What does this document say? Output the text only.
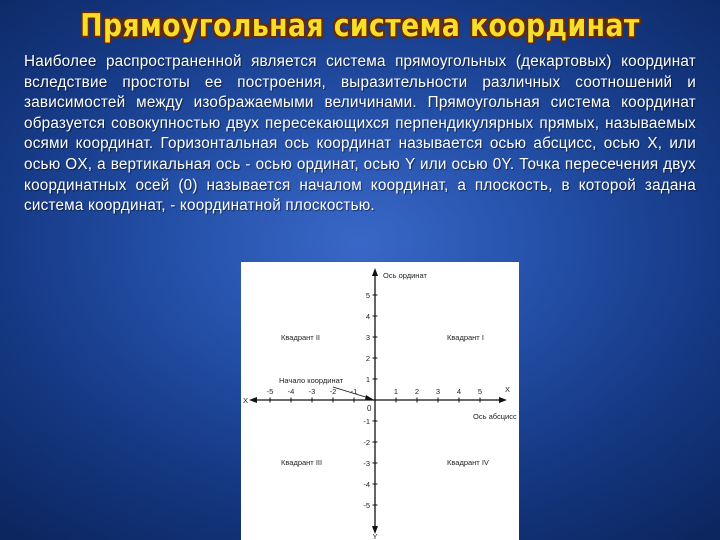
Прямоугольная система координат
Наиболее распространенной является система прямоугольных (декартовых) координат вследствие простоты ее построения, выразительности различных соотношений и зависимостей между изображаемыми величинами. Прямоугольная система координат образуется совокупностью двух пересекающихся перпендикулярных прямых, называемых осями координат. Горизонтальная ось координат называется осью абсцисс, осью X, или осью OX, а вертикальная ось - осью ординат, осью Y или осью 0Y. Точка пересечения двух координатных осей (0) называется началом координат, а плоскость, в которой задана система координат, - координатной плоскостью.
-5 -4 -3 -2 -1	1 2 3 4 5
5
4
3
2
1
-1
-2
-3
-4
-5
Ось ординат
Y
X
X
Ось абсцисс
0
Начало координат
Квадрант II	Квадрант I
Квадрант III	Квадрант IV
